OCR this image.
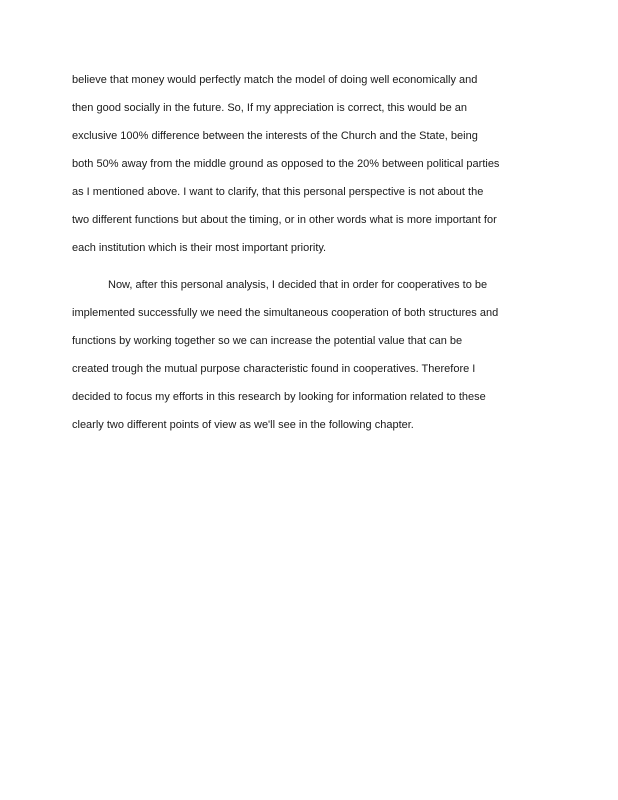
believe that money would perfectly match the model of doing well economically and
then good socially in the future. So, If my appreciation is correct, this would be an
exclusive 100% difference between the interests of the Church and the State, being
both 50% away from the middle ground as opposed to the 20% between political parties
as I mentioned above. I want to clarify, that this personal perspective is not about the
two different functions but about the timing, or in other words what is more important for
each institution which is their most important priority.
Now, after this personal analysis, I decided that in order for cooperatives to be
implemented successfully we need the simultaneous cooperation of both structures and
functions by working together so we can increase the potential value that can be
created trough the mutual purpose characteristic found in cooperatives. Therefore I
decided to focus my efforts in this research by looking for information related to these
clearly two different points of view as we'll see in the following chapter.
